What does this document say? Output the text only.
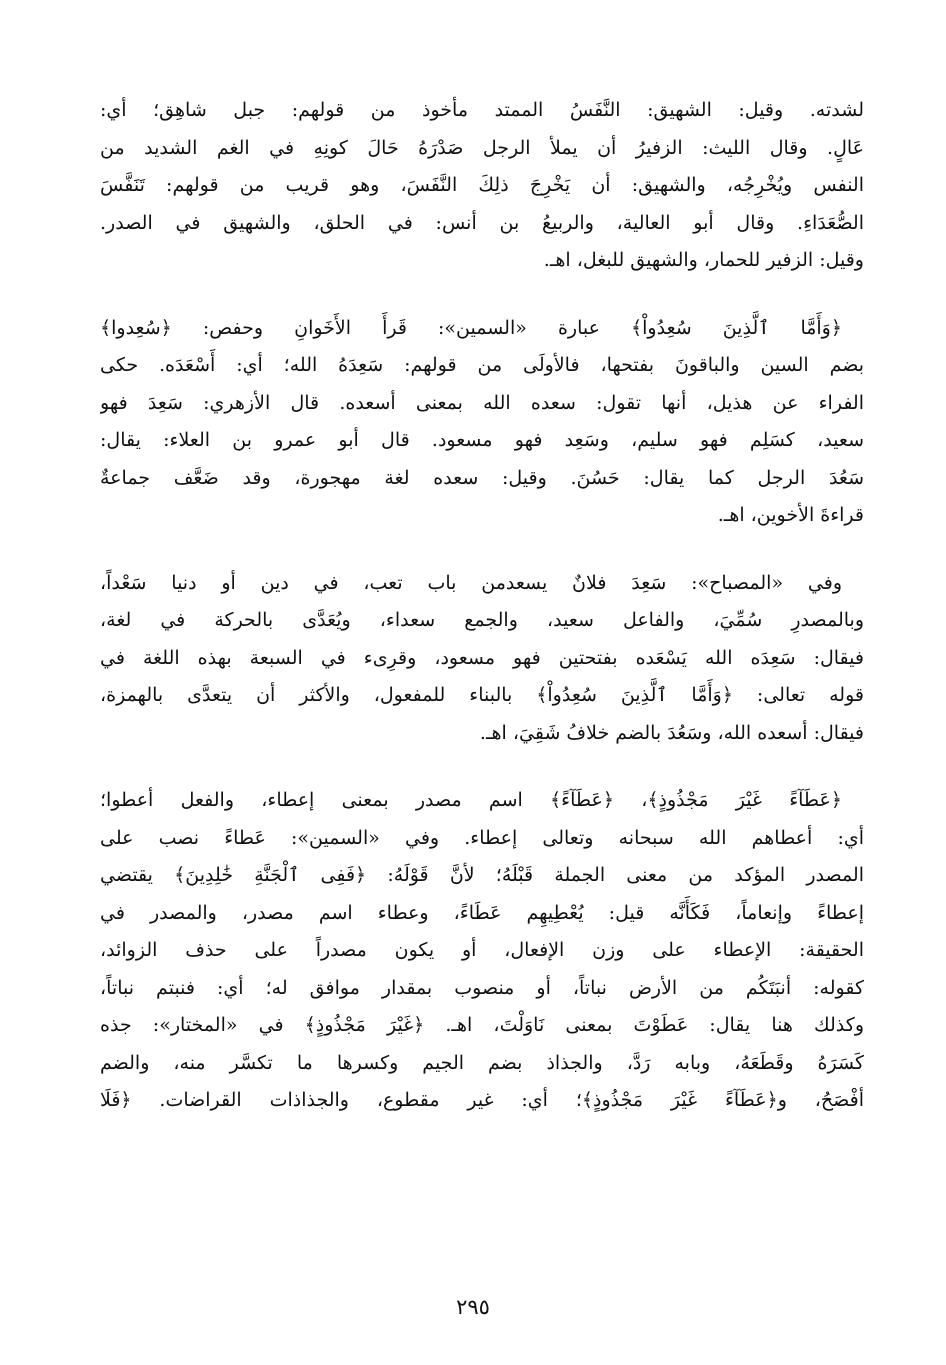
لشدته. وقيل: الشهيق: النَّفَسُ الممتد مأخوذ من قولهم: جبل شاهِق؛ أي:
عَالٍ. وقال الليث: الزفيرُ أن يملأ الرجل صَدْرَهُ حَالَ كونِهِ في الغم الشديد من
النفس ويُخْرِجُه، والشهيق: أن يَخْرِجَ ذلِكَ النَّفَسَ، وهو قريب من قولهم: تَنَفَّسَ
الصُّعَدَاءِ. وقال أبو العالية، والربيعُ بن أنس: في الحلق، والشهيق في الصدر.
وقيل: الزفير للحمار، والشهيق للبغل، اهـ.
﴿وَأَمَّا ٱلَّذِينَ سُعِدُواْ﴾ عبارة «السمين»: قَرأَ الأَخَوانِ وحفص: ﴿سُعِدوا﴾
بضم السين والباقونَ بفتحها، فالأولَى من قولهم: سَعِدَهُ الله؛ أي: أَسْعَدَه. حكى
الفراء عن هذيل، أنها تقول: سعده الله بمعنى أسعده. قال الأزهري: سَعِدَ فهو
سعيد، كسَلِم فهو سليم، وسَعِد فهو مسعود. قال أبو عمرو بن العلاء: يقال:
سَعُدَ الرجل كما يقال: حَسُنَ. وقيل: سعده لغة مهجورة، وقد ضَعَّف جماعةٌ
قراءةَ الأخوين، اهـ.
وفي «المصباح»: سَعِدَ فلانٌ يسعدمن باب تعب، في دين أو دنيا سَعْداً،
وبالمصدرِ سُمِّيَ، والفاعل سعيد، والجمع سعداء، ويُعَدَّى بالحركة في لغة،
فيقال: سَعِدَه الله يَسْعَده بفتحتين فهو مسعود، وقرِىء في السبعة بهذه اللغة في
قوله تعالى: ﴿وَأَمَّا ٱلَّذِينَ سُعِدُواْ﴾ بالبناء للمفعول، والأكثر أن يتعدَّى بالهمزة،
فيقال: أسعده الله، وسَعُدَ بالضم خلافُ شَقِيَ، اهـ.
﴿عَطَآءً غَيْرَ مَجْذُوذٍ﴾، ﴿عَطَآءً﴾ اسم مصدر بمعنى إعطاء، والفعل أعطوا؛
أي: أعطاهم الله سبحانه وتعالى إعطاء. وفي «السمين»: عَطاءً نصب على
المصدر المؤكد من معنى الجملة قَبْلَهُ؛ لأنَّ قَوْلَهُ: ﴿فَفِى ٱلْجَنَّةِ خَٰلِدِينَ﴾ يقتضي
إعطاءً وإنعاماً، فَكَأَنَّه قيل: يُعْطِيهِم عَطَاءً، وعطاء اسم مصدر، والمصدر في
الحقيقة: الإعطاء على وزن الإفعال، أو يكون مصدراً على حذف الزوائد،
كقوله: أنبَتَكُم من الأرض نباتاً، أو منصوب بمقدار موافق له؛ أي: فنبتم نباتاً،
وكذلك هنا يقال: عَطَوْتَ بمعنى نَاوَلْتَ، اهـ. ﴿غَيْرَ مَجْذُوذٍ﴾ في «المختار»: جذه
كَسَرَهُ وقَطَعَهُ، وبابه رَدَّ، والجذاذ بضم الجيم وكسرها ما تكسَّر منه، والضم
أفْصَحُ، و﴿عَطَآءً غَيْرَ مَجْذُوذٍ﴾؛ أي: غير مقطوع، والجذاذات القراضات. ﴿فَلَا
٢٩٥
